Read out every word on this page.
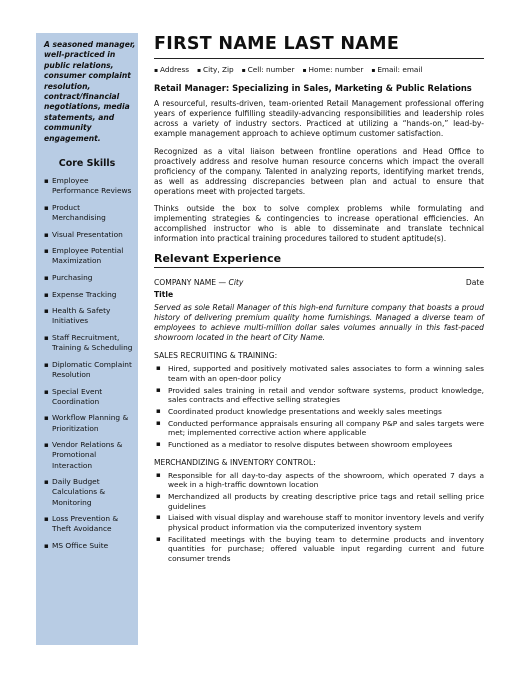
A seasoned manager, well-practiced in public relations, consumer complaint resolution, contract/financial negotiations, media statements, and community engagement.
Core Skills
▪ Employee Performance Reviews
▪ Product Merchandising
▪ Visual Presentation
▪ Employee Potential Maximization
▪ Purchasing
▪ Expense Tracking
▪ Health & Safety Initiatives
▪ Staff Recruitment, Training & Scheduling
▪ Diplomatic Complaint Resolution
▪ Special Event Coordination
▪ Workflow Planning & Prioritization
▪ Vendor Relations & Promotional Interaction
▪ Daily Budget Calculations & Monitoring
▪ Loss Prevention & Theft Avoidance
▪ MS Office Suite
FIRST NAME LAST NAME
▪ Address	▪ City, Zip	▪ Cell: number	▪ Home: number	▪ Email: email
Retail Manager: Specializing in Sales, Marketing & Public Relations

A resourceful, results-driven, team-oriented Retail Management professional offering years of experience fulfilling steadily-advancing responsibilities and leadership roles across a variety of industry sectors. Practiced at utilizing a “hands-on,” lead-by-example management approach to achieve optimum customer satisfaction.

Recognized as a vital liaison between frontline operations and Head Office to proactively address and resolve human resource concerns which impact the overall proficiency of the company. Talented in analyzing reports, identifying market trends, as well as addressing discrepancies between plan and actual to ensure that operations meet with projected targets.

Thinks outside the box to solve complex problems while formulating and implementing strategies & contingencies to increase operational efficiencies. An accomplished instructor who is able to disseminate and translate technical information into practical training procedures tailored to student aptitude(s).

Relevant Experience
COMPANY NAME — City	Date
Title
Served as sole Retail Manager of this high-end furniture company that boasts a proud history of delivering premium quality home furnishings. Managed a diverse team of employees to achieve multi-million dollar sales volumes annually in this fast-paced showroom located in the heart of City Name.
SALES RECRUITING & TRAINING:
▪ Hired, supported and positively motivated sales associates to form a winning sales team with an open-door policy
▪ Provided sales training in retail and vendor software systems, product knowledge, sales contracts and effective selling strategies
▪ Coordinated product knowledge presentations and weekly sales meetings
▪ Conducted performance appraisals ensuring all company P&P and sales targets were met; implemented corrective action where applicable
▪ Functioned as a mediator to resolve disputes between showroom employees
MERCHANDIZING & INVENTORY CONTROL:
▪ Responsible for all day-to-day aspects of the showroom, which operated 7 days a week in a high-traffic downtown location
▪ Merchandized all products by creating descriptive price tags and retail selling price guidelines
▪ Liaised with visual display and warehouse staff to monitor inventory levels and verify physical product information via the computerized inventory system
▪ Facilitated meetings with the buying team to determine products and inventory quantities for purchase; offered valuable input regarding current and future consumer trends
